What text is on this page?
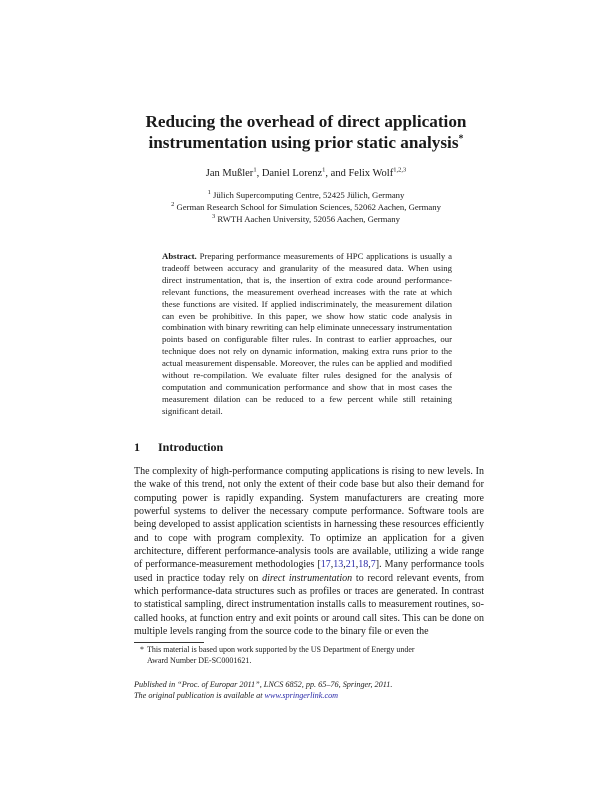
Reducing the overhead of direct application
instrumentation using prior static analysis*
Jan Mußler$^1$, Daniel Lorenz$^1$, and Felix Wolf$^{1,2,3}$
$^1$ Jülich Supercomputing Centre, 52425 Jülich, Germany
$^2$ German Research School for Simulation Sciences, 52062 Aachen, Germany
$^3$ RWTH Aachen University, 52056 Aachen, Germany
Abstract. Preparing performance measurements of HPC applications is usually a tradeoff between accuracy and granularity of the measured data. When using direct instrumentation, that is, the insertion of extra code around performance-relevant functions, the measurement overhead increases with the rate at which these functions are visited. If applied indiscriminately, the measurement dilation can even be prohibitive. In this paper, we show how static code analysis in combination with binary rewriting can help eliminate unnecessary instrumentation points based on configurable filter rules. In contrast to earlier approaches, our technique does not rely on dynamic information, making extra runs prior to the actual measurement dispensable. Moreover, the rules can be applied and modified without re-compilation. We evaluate filter rules designed for the analysis of computation and communication performance and show that in most cases the measurement dilation can be reduced to a few percent while still retaining significant detail.
1 Introduction
The complexity of high-performance computing applications is rising to new levels. In the wake of this trend, not only the extent of their code base but also their demand for computing power is rapidly expanding. System manufacturers are creating more powerful systems to deliver the necessary compute performance. Software tools are being developed to assist application scientists in harnessing these resources efficiently and to cope with program complexity. To optimize an application for a given architecture, different performance-analysis tools are available, utilizing a wide range of performance-measurement methodologies [17,13,21,18,7]. Many performance tools used in practice today rely on direct instrumentation to record relevant events, from which performance-data structures such as profiles or traces are generated. In contrast to statistical sampling, direct instrumentation installs calls to measurement routines, so-called hooks, at function entry and exit points or around call sites. This can be done on multiple levels ranging from the source code to the binary file or even the
* This material is based upon work supported by the US Department of Energy under
Award Number DE-SC0001621.
Published in “Proc. of Europar 2011”, LNCS 6852, pp. 65–76, Springer, 2011.
The original publication is available at www.springerlink.com
